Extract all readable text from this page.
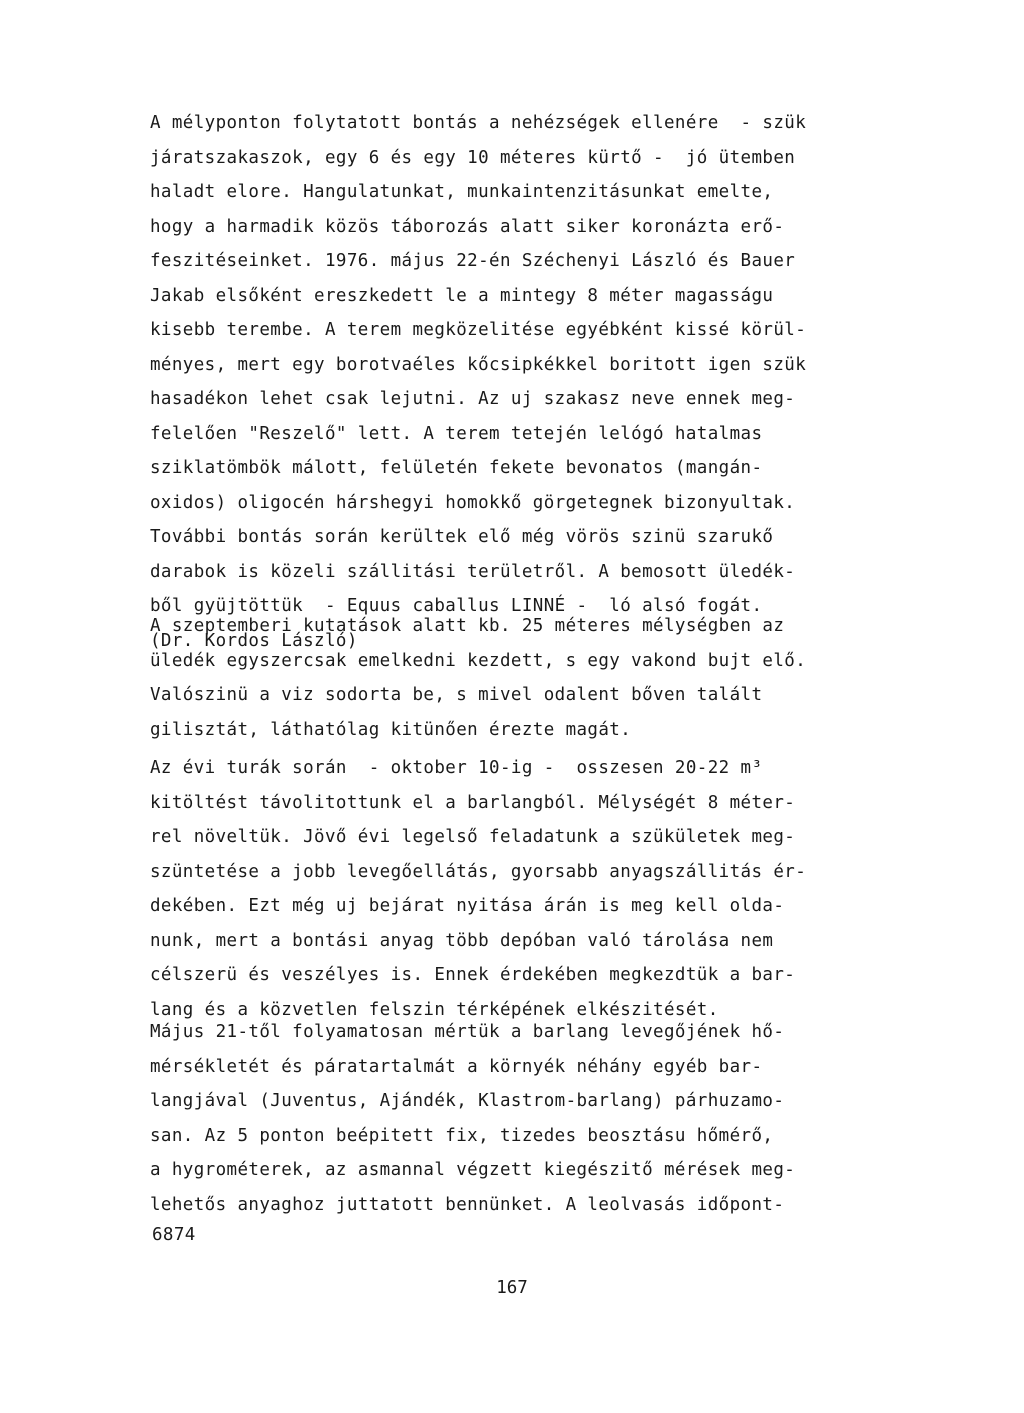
A mélyponton folytatott bontás a nehézségek ellenére  - szük
járatszakaszok, egy 6 és egy 10 méteres kürtő -  jó ütemben
haladt elore. Hangulatunkat, munkaintenzitásunkat emelte,
hogy a harmadik közös táborozás alatt siker koronázta erő-
feszitéseinket. 1976. május 22-én Széchenyi László és Bauer
Jakab elsőként ereszkedett le a mintegy 8 méter magasságu
kisebb terembe. A terem megközelitése egyébként kissé körül-
ményes, mert egy borotvaéles kőcsipkékkel boritott igen szük
hasadékon lehet csak lejutni. Az uj szakasz neve ennek meg-
felelően "Reszelő" lett. A terem tetején lelógó hatalmas
sziklatömbök málott, felületén fekete bevonatos (mangán-
oxidos) oligocén hárshegyi homokkő görgetegnek bizonyultak.
További bontás során kerültek elő még vörös szinü szarukő
darabok is közeli szállitási területről. A bemosott üledék-
ből gyüjtöttük  - Equus caballus LINNÉ -  ló alsó fogát.
(Dr. Kordos László)
A szeptemberi kutatások alatt kb. 25 méteres mélységben az
üledék egyszercsak emelkedni kezdett, s egy vakond bujt elő.
Valószinü a viz sodorta be, s mivel odalent bőven talált
gilisztát, láthatólag kitünően érezte magát.
Az évi turák során  - oktober 10-ig -  osszesen 20-22 m³
kitöltést távolitottunk el a barlangból. Mélységét 8 méter-
rel növeltük. Jövő évi legelső feladatunk a szükületek meg-
szüntetése a jobb levegőellátás, gyorsabb anyagszállitás ér-
dekében. Ezt még uj bejárat nyitása árán is meg kell olda-
nunk, mert a bontási anyag több depóban való tárolása nem
célszerü és veszélyes is. Ennek érdekében megkezdtük a bar-
lang és a közvetlen felszin térképének elkészitését.
Május 21-től folyamatosan mértük a barlang levegőjének hő-
mérsékletét és páratartalmát a környék néhány egyéb bar-
langjával (Juventus, Ajándék, Klastrom-barlang) párhuzamo-
san. Az 5 ponton beépitett fix, tizedes beosztásu hőmérő,
a hygrométerek, az asmannal végzett kiegészitő mérések meg-
lehetős anyaghoz juttatott bennünket. A leolvasás időpont-
6874
167
